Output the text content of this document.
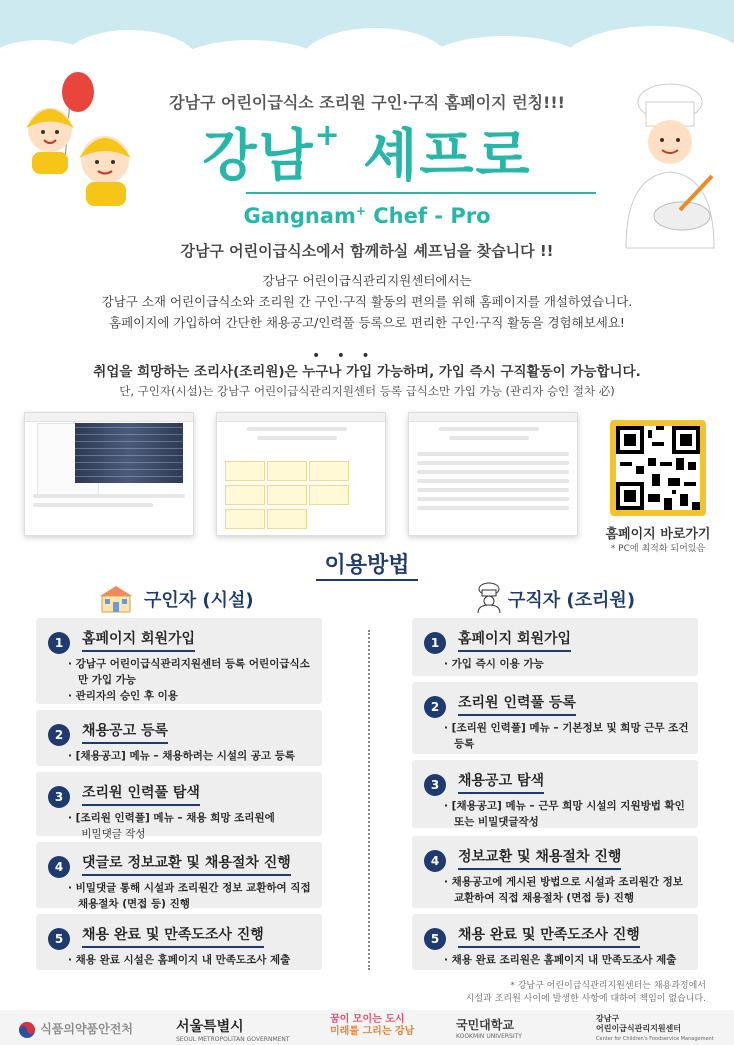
강남구 어린이급식소 조리원 구인·구직 홈페이지 런칭!!!
강남+ 셰프로
Gangnam+ Chef - Pro
강남구 어린이급식소에서 함께하실 셰프님을 찾습니다 !!

강남구 어린이급식관리지원센터에서는

강남구 소재 어린이급식소와 조리원 간 구인·구직 활동의 편의를 위해 홈페이지를 개설하였습니다.

홈페이지에 가입하여 간단한 채용공고/인력풀 등록으로 편리한 구인·구직 활동을 경험해보세요!

• • •
취업을 희망하는 조리사(조리원)은 누구나 가입 가능하며, 가입 즉시 구직활동이 가능합니다.
단, 구인자(시설)는 강남구 어린이급식관리지원센터 등록 급식소만 가입 가능 (관리자 승인 절차 必)
홈페이지 바로가기
* PC에 최적화 되어있음
이용방법
구인자 (시설)	구직자 (조리원)
1	홈페이지 회원가입
· 강남구 어린이급식관리지원센터 등록 어린이급식소만 가입 가능
· 관리자의 승인 후 이용
2	채용공고 등록
· [채용공고] 메뉴 – 채용하려는 시설의 공고 등록
3	조리원 인력풀 탐색
· [조리원 인력풀] 메뉴 – 채용 희망 조리원에
비밀댓글 작성
4	댓글로 정보교환 및 채용절차 진행
· 비밀댓글 통해 시설과 조리원간 정보 교환하여 직접 채용절차 (면접 등) 진행
5	채용 완료 및 만족도조사 진행
· 채용 완료 시설은 홈페이지 내 만족도조사 제출
1	홈페이지 회원가입
· 가입 즉시 이용 가능
2	조리원 인력풀 등록
· [조리원 인력풀] 메뉴 – 기본정보 및 희망 근무 조건 등록
3	채용공고 탐색
· [채용공고] 메뉴 – 근무 희망 시설의 지원방법 확인 또는 비밀댓글작성
4	정보교환 및 채용절차 진행
· 채용공고에 게시된 방법으로 시설과 조리원간 정보교환하여 직접 채용절차 (면접 등) 진행
5	채용 완료 및 만족도조사 진행
· 채용 완료 조리원은 홈페이지 내 만족도조사 제출
* 강남구 어린이급식관리지원센터는 채용과정에서
시설과 조리원 사이에 발생한 사항에 대하여 책임이 없습니다.
식품의약품안전처	서울특별시
SEOUL METROPOLITAN GOVERNMENT
꿈이 모이는 도시
미래를 그리는 강남	국민대학교
KOOKMIN UNIVERSITY
강남구
어린이급식관리지원센터
Center for Children's Foodservice Management
